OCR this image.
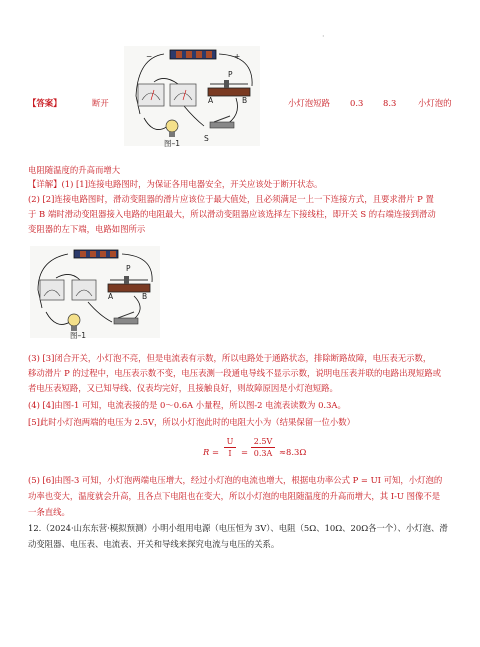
·
−	+
P
A	B
S
图–1
【答案】	断开	小灯泡短路 0.3 8.3	小灯泡的
电阻随温度的升高而增大
【详解】(1) [1]连接电路图时，为保证各用电器安全，开关应该处于断开状态。
(2) [2]连接电路图时，滑动变阻器的滑片应该位于最大值处，且必须满足一上一下连接方式，且要求滑片 P 置
于 B 端时滑动变阻器接入电路的电阻最大，所以滑动变阻器应该选择左下接线柱，即开关 S 的右端连接到滑动
变阻器的左下端，电路如图所示
P
A	B
图–1
(3) [3]闭合开关，小灯泡不亮，但是电流表有示数，所以电路处于通路状态，排除断路故障，电压表无示数，
移动滑片 P 的过程中，电压表示数不变，电压表测一段通电导线不显示示数，说明电压表并联的电路出现短路或
者电压表短路，又已知导线、仪表均完好，且接触良好，则故障原因是小灯泡短路。
(4) [4]由图-1 可知，电流表接的是 0～0.6A 小量程，所以图-2 电流表读数为 0.3A。
[5]此时小灯泡两端的电压为 2.5V，所以小灯泡此时的电阻大小为（结果保留一位小数）
R =
U
I	=
2.5V
0.3A ≈8.3Ω
(5) [6]由图-3 可知，小灯泡两端电压增大，经过小灯泡的电流也增大，根据电功率公式 P = UI 可知，小灯泡的
功率也变大，温度就会升高，且各点下电阻也在变大，所以小灯泡的电阻随温度的升高而增大，其 I-U 图像不是
一条直线。
12.（2024·山东东营·模拟预测）小明小组用电源（电压恒为 3V）、电阻（5Ω、10Ω、20Ω各一个）、小灯泡、滑
动变阻器、电压表、电流表、开关和导线来探究电流与电压的关系。
